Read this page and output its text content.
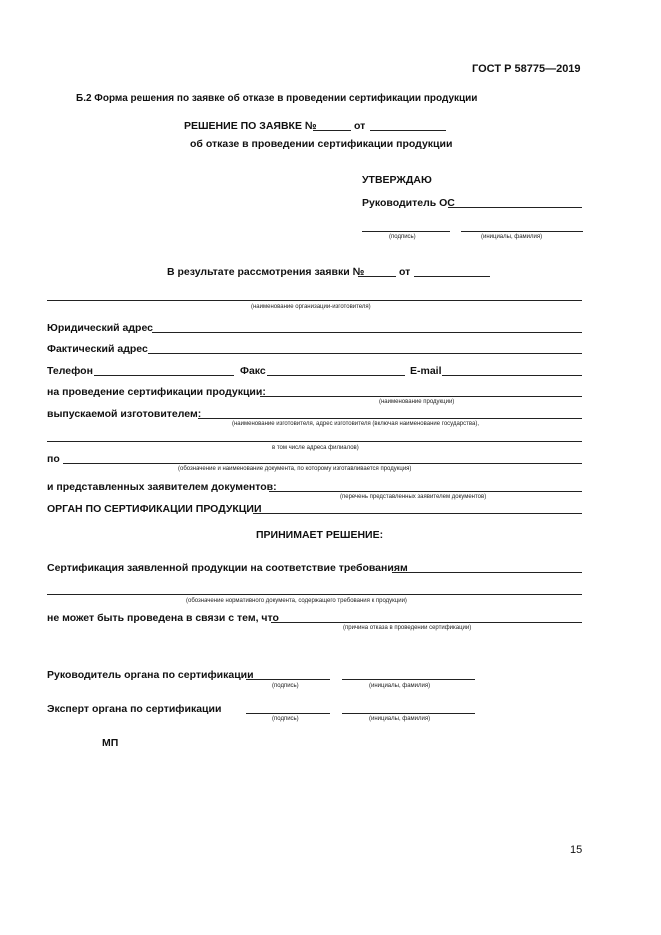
ГОСТ Р 58775—2019
Б.2 Форма решения по заявке об отказе в проведении сертификации продукции
РЕШЕНИЕ ПО ЗАЯВКЕ №	от
об отказе в проведении сертификации продукции
УТВЕРЖДАЮ
Руководитель ОС
(подпись)	(инициалы, фамилия)
В результате рассмотрения заявки №	от
(наименование организации-изготовителя)
Юридический адрес
Фактический адрес
Телефон	Факс	E-mail
на проведение сертификации продукции:
(наименование продукции)
выпускаемой изготовителем:
(наименование изготовителя, адрес изготовителя (включая наименование государства),
в том числе адреса филиалов)
по
(обозначение и наименование документа, по которому изготавливается продукция)
и представленных заявителем документов:
(перечень представленных заявителем документов)
ОРГАН ПО СЕРТИФИКАЦИИ ПРОДУКЦИИ
ПРИНИМАЕТ РЕШЕНИЕ:
Сертификация заявленной продукции на соответствие требованиям
(обозначение нормативного документа, содержащего требования к продукции)
не может быть проведена в связи с тем, что
(причина отказа в проведении сертификации)
Руководитель органа по сертификации
(подпись)	(инициалы, фамилия)
Эксперт органа по сертификации
(подпись)	(инициалы, фамилия)
МП
15
